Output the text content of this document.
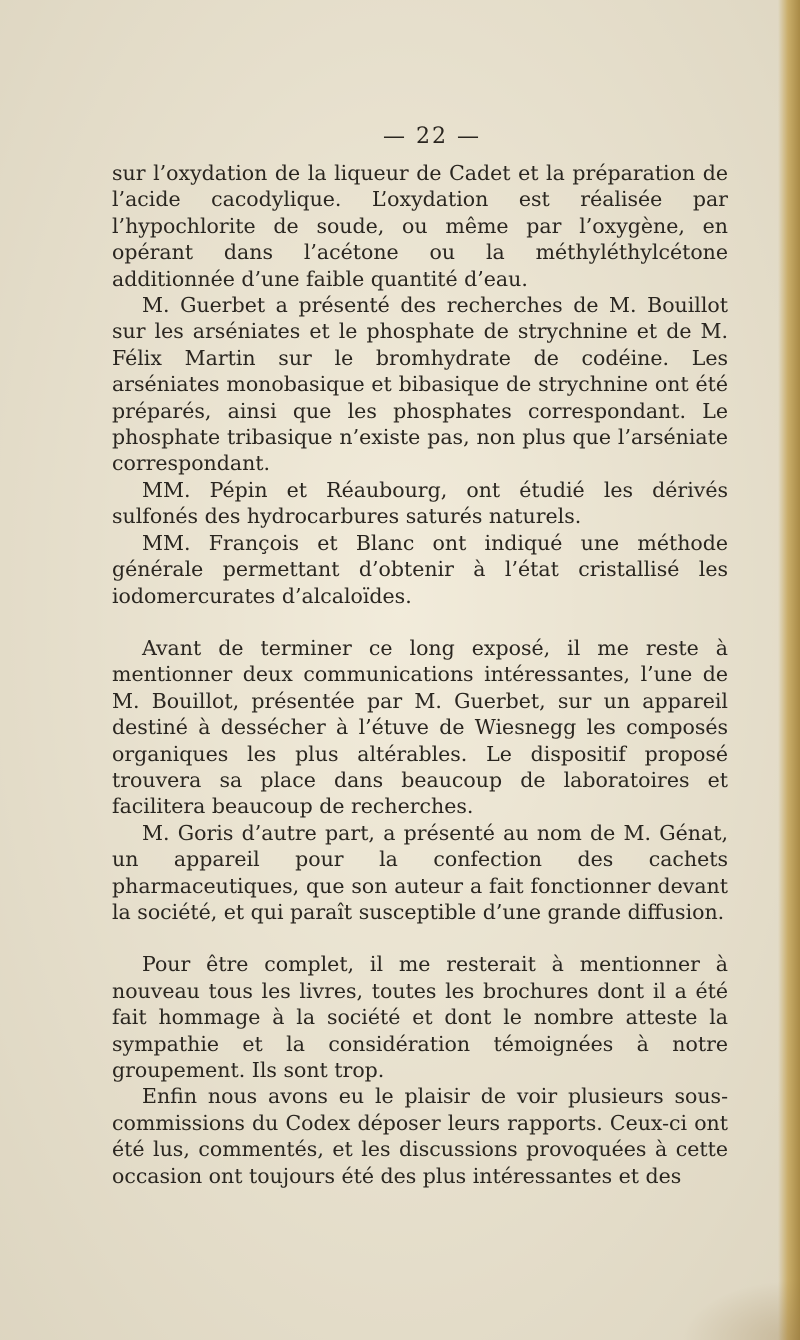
— 22 —

sur l’oxydation de la liqueur de Cadet et la préparation de l’acide cacodylique. L’oxydation est réalisée par l’hypochlorite de soude, ou même par l’oxygène, en opérant dans l’acétone ou la méthyléthylcétone additionnée d’une faible quantité d’eau.

M. Guerbet a présenté des recherches de M. Bouillot sur les arséniates et le phosphate de strychnine et de M. Félix Martin sur le bromhydrate de codéine. Les arséniates monobasique et bibasique de strychnine ont été préparés, ainsi que les phosphates correspondant. Le phosphate tribasique n’existe pas, non plus que l’arséniate correspondant.

MM. Pépin et Réaubourg, ont étudié les dérivés sulfonés des hydrocarbures saturés naturels.

MM. François et Blanc ont indiqué une méthode générale permettant d’obtenir à l’état cristallisé les iodomercurates d’alcaloïdes.

Avant de terminer ce long exposé, il me reste à mentionner deux communications intéressantes, l’une de M. Bouillot, présentée par M. Guerbet, sur un appareil destiné à dessécher à l’étuve de Wiesnegg les composés organiques les plus altérables. Le dispositif proposé trouvera sa place dans beaucoup de laboratoires et facilitera beaucoup de recherches.

M. Goris d’autre part, a présenté au nom de M. Génat, un appareil pour la confection des cachets pharmaceutiques, que son auteur a fait fonctionner devant la société, et qui paraît susceptible d’une grande diffusion.

Pour être complet, il me resterait à mentionner à nouveau tous les livres, toutes les brochures dont il a été fait hommage à la société et dont le nombre atteste la sympathie et la considération témoignées à notre groupement. Ils sont trop.

Enfin nous avons eu le plaisir de voir plusieurs sous-commissions du Codex déposer leurs rapports. Ceux-ci ont été lus, commentés, et les discussions provoquées à cette occasion ont toujours été des plus intéressantes et des
